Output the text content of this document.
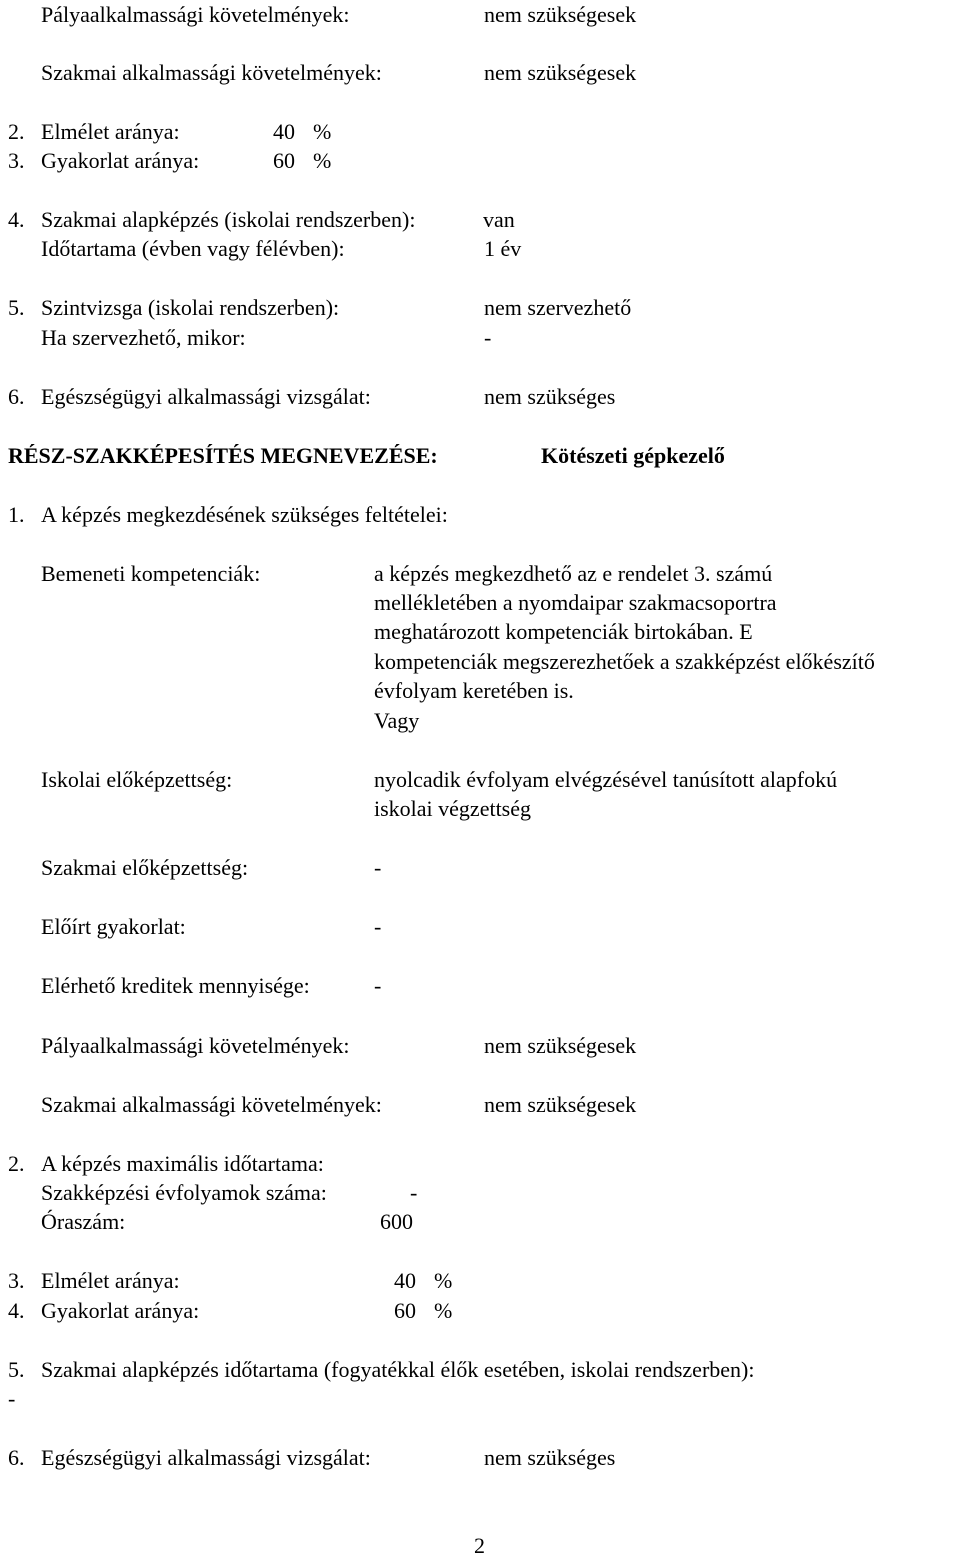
Pályaalkalmassági követelmények:	nem szükségesek
Szakmai alkalmassági követelmények:	nem szükségesek
2. Elmélet aránya:	40 %
3. Gyakorlat aránya:	60 %
4. Szakmai alapképzés (iskolai rendszerben):	van
Időtartama (évben vagy félévben):	1 év
5. Szintvizsga (iskolai rendszerben):	nem szervezhető
Ha szervezhető, mikor:	-
6. Egészségügyi alkalmassági vizsgálat:	nem szükséges
RÉSZ-SZAKKÉPESÍTÉS MEGNEVEZÉSE:	Kötészeti gépkezelő
1. A képzés megkezdésének szükséges feltételei:
Bemeneti kompetenciák:	a képzés megkezdhető az e rendelet 3. számú
mellékletében a nyomdaipar szakmacsoportra
meghatározott kompetenciák birtokában. E
kompetenciák megszerezhetőek a szakképzést előkészítő
évfolyam keretében is.
Vagy
Iskolai előképzettség:	nyolcadik évfolyam elvégzésével tanúsított alapfokú
iskolai végzettség
Szakmai előképzettség:	-
Előírt gyakorlat:	-
Elérhető kreditek mennyisége:	-
Pályaalkalmassági követelmények:	nem szükségesek
Szakmai alkalmassági követelmények:	nem szükségesek
2. A képzés maximális időtartama:
Szakképzési évfolyamok száma:	-
Óraszám:	600
3. Elmélet aránya:	40 %
4. Gyakorlat aránya:	60 %
5. Szakmai alapképzés időtartama (fogyatékkal élők esetében, iskolai rendszerben):
-
6. Egészségügyi alkalmassági vizsgálat:	nem szükséges
2
